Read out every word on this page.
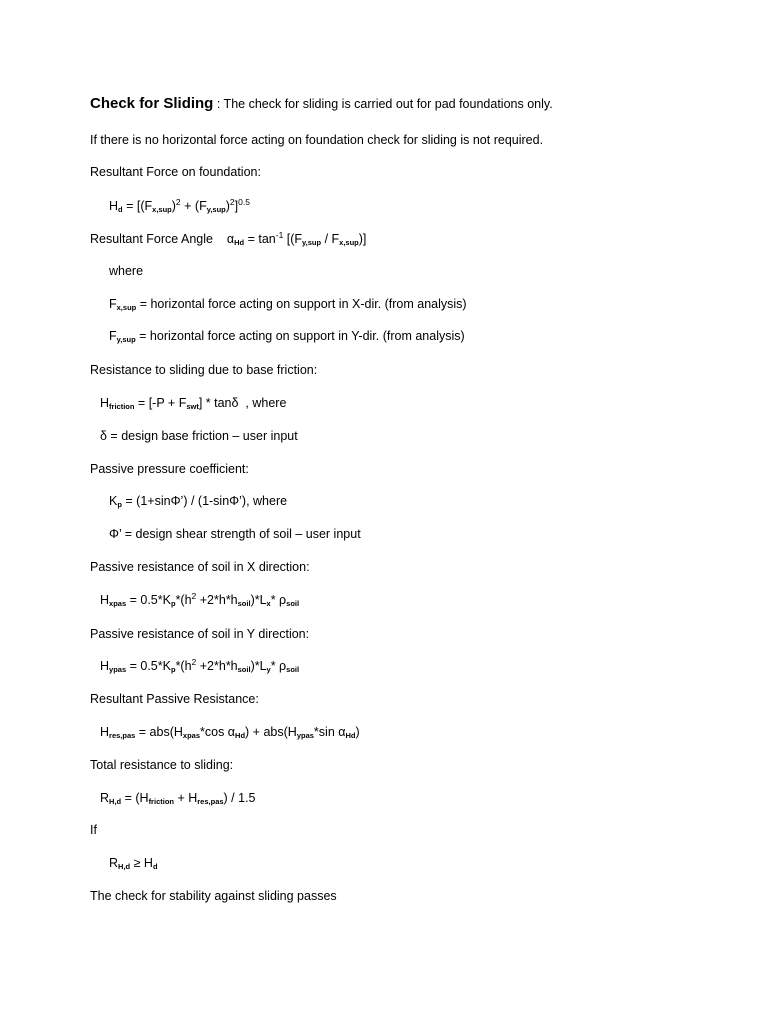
Check for Sliding : The check for sliding is carried out for pad foundations only.
If there is no horizontal force acting on foundation check for sliding is not required.
Resultant Force on foundation:
$H_d = [(F_{x,sup})^2 + (F_{y,sup})^2]^{0.5}$
Resultant Force Angle    $\alpha_{Hd} = \tan^{-1} [(F_{y,sup} / F_{x,sup})]$
where
$F_{x,sup}$ = horizontal force acting on support in X-dir. (from analysis)
$F_{y,sup}$ = horizontal force acting on support in Y-dir. (from analysis)
Resistance to sliding due to base friction:
$H_{friction} = [-P + F_{swt}] * \tan\delta$  , where
δ = design base friction – user input
Passive pressure coefficient:
$K_p$ = (1+sinΦ’) / (1-sinΦ’), where
Φ’ = design shear strength of soil – user input
Passive resistance of soil in X direction:
$H_{xpas} = 0.5*K_p*(h^2 +2*h*h_{soil})*L_x*$ $\rho_{soil}$
Passive resistance of soil in Y direction:
$H_{ypas} = 0.5*K_p*(h^2 +2*h*h_{soil})*L_y*$ $\rho_{soil}$
Resultant Passive Resistance:
$H_{res,pas} = abs(H_{xpas}*\cos$ $\alpha_{Hd}) + abs(H_{ypas}*\sin$ $\alpha_{Hd}$)
Total resistance to sliding:
$R_{H,d} = (H_{friction} + H_{res,pas}) / 1.5$
If
$R_{H,d} \ge H_d$
The check for stability against sliding passes
